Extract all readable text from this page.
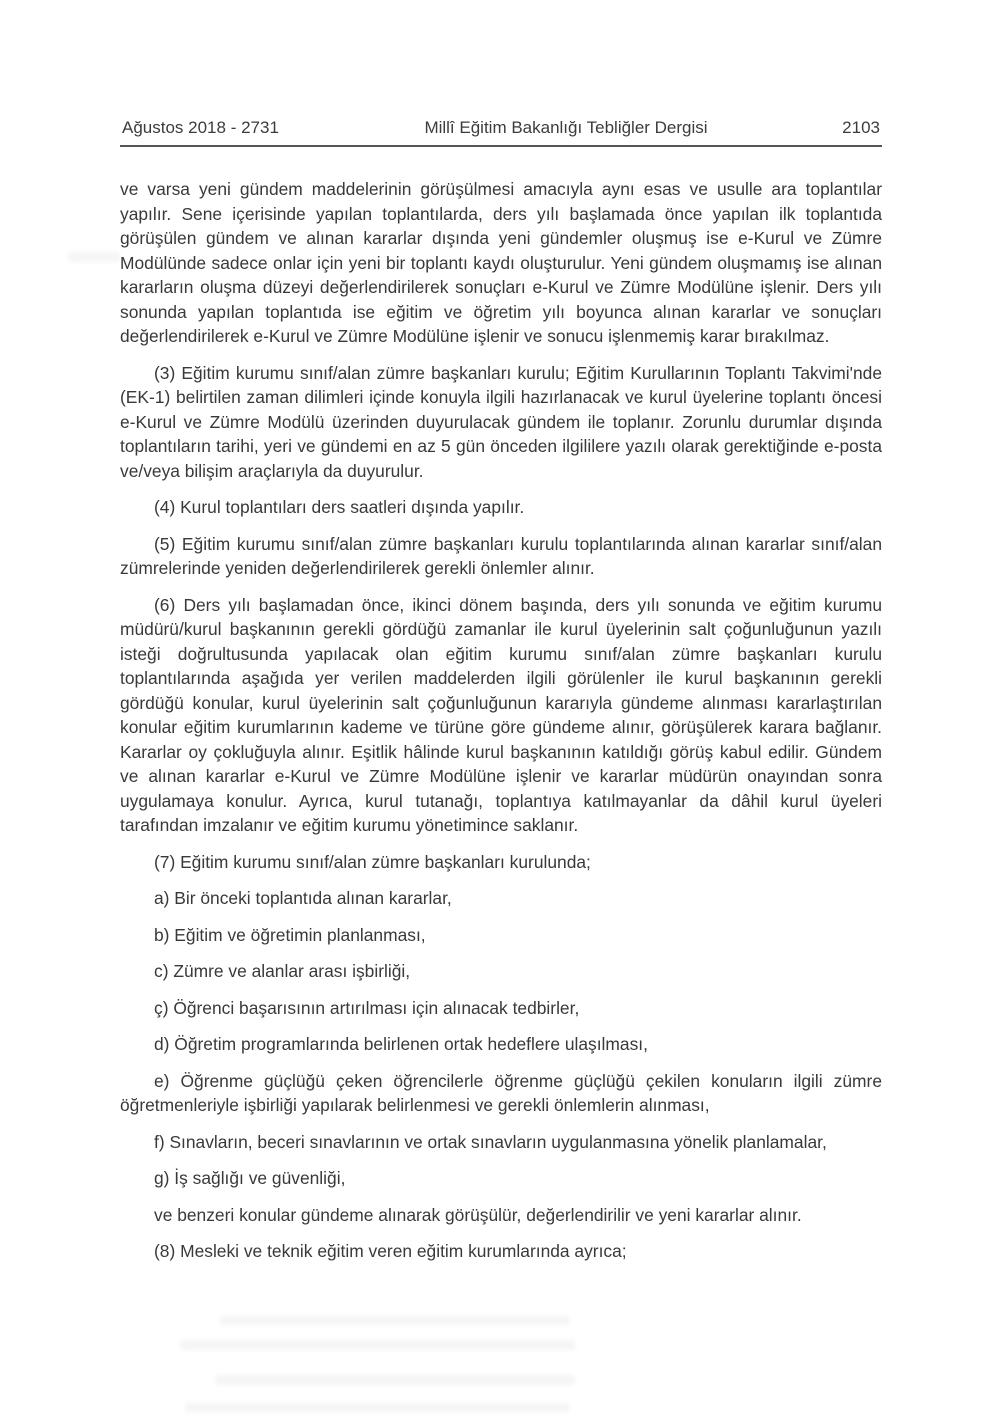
Ağustos 2018 - 2731	Millî Eğitim Bakanlığı Tebliğler Dergisi	2103

ve varsa yeni gündem maddelerinin görüşülmesi amacıyla aynı esas ve usulle ara toplantılar yapılır. Sene içerisinde yapılan toplantılarda, ders yılı başlamada önce yapılan ilk toplantıda görüşülen gündem ve alınan kararlar dışında yeni gündemler oluşmuş ise e-Kurul ve Zümre Modülünde sadece onlar için yeni bir toplantı kaydı oluşturulur. Yeni gündem oluşmamış ise alınan kararların oluşma düzeyi değerlendirilerek sonuçları e-Kurul ve Zümre Modülüne işlenir. Ders yılı sonunda yapılan toplantıda ise eğitim ve öğretim yılı boyunca alınan kararlar ve sonuçları değerlendirilerek e-Kurul ve Zümre Modülüne işlenir ve sonucu işlenmemiş karar bırakılmaz.

(3) Eğitim kurumu sınıf/alan zümre başkanları kurulu; Eğitim Kurullarının Toplantı Takvimi'nde (EK-1) belirtilen zaman dilimleri içinde konuyla ilgili hazırlanacak ve kurul üyelerine toplantı öncesi e-Kurul ve Zümre Modülü üzerinden duyurulacak gündem ile toplanır. Zorunlu durumlar dışında toplantıların tarihi, yeri ve gündemi en az 5 gün önceden ilgililere yazılı olarak gerektiğinde e-posta ve/veya bilişim araçlarıyla da duyurulur.

(4) Kurul toplantıları ders saatleri dışında yapılır.

(5) Eğitim kurumu sınıf/alan zümre başkanları kurulu toplantılarında alınan kararlar sınıf/alan zümrelerinde yeniden değerlendirilerek gerekli önlemler alınır.

(6) Ders yılı başlamadan önce, ikinci dönem başında, ders yılı sonunda ve eğitim kurumu müdürü/kurul başkanının gerekli gördüğü zamanlar ile kurul üyelerinin salt çoğunluğunun yazılı isteği doğrultusunda yapılacak olan eğitim kurumu sınıf/alan zümre başkanları kurulu toplantılarında aşağıda yer verilen maddelerden ilgili görülenler ile kurul başkanının gerekli gördüğü konular, kurul üyelerinin salt çoğunluğunun kararıyla gündeme alınması kararlaştırılan konular eğitim kurumlarının kademe ve türüne göre gündeme alınır, görüşülerek karara bağlanır. Kararlar oy çokluğuyla alınır. Eşitlik hâlinde kurul başkanının katıldığı görüş kabul edilir. Gündem ve alınan kararlar e-Kurul ve Zümre Modülüne işlenir ve kararlar müdürün onayından sonra uygulamaya konulur. Ayrıca, kurul tutanağı, toplantıya katılmayanlar da dâhil kurul üyeleri tarafından imzalanır ve eğitim kurumu yönetimince saklanır.

(7) Eğitim kurumu sınıf/alan zümre başkanları kurulunda;

a) Bir önceki toplantıda alınan kararlar,

b) Eğitim ve öğretimin planlanması,

c) Zümre ve alanlar arası işbirliği,

ç) Öğrenci başarısının artırılması için alınacak tedbirler,

d) Öğretim programlarında belirlenen ortak hedeflere ulaşılması,

e) Öğrenme güçlüğü çeken öğrencilerle öğrenme güçlüğü çekilen konuların ilgili zümre öğretmenleriyle işbirliği yapılarak belirlenmesi ve gerekli önlemlerin alınması,

f) Sınavların, beceri sınavlarının ve ortak sınavların uygulanmasına yönelik planlamalar,

g) İş sağlığı ve güvenliği,

ve benzeri konular gündeme alınarak görüşülür, değerlendirilir ve yeni kararlar alınır.

(8) Mesleki ve teknik eğitim veren eğitim kurumlarında ayrıca;
